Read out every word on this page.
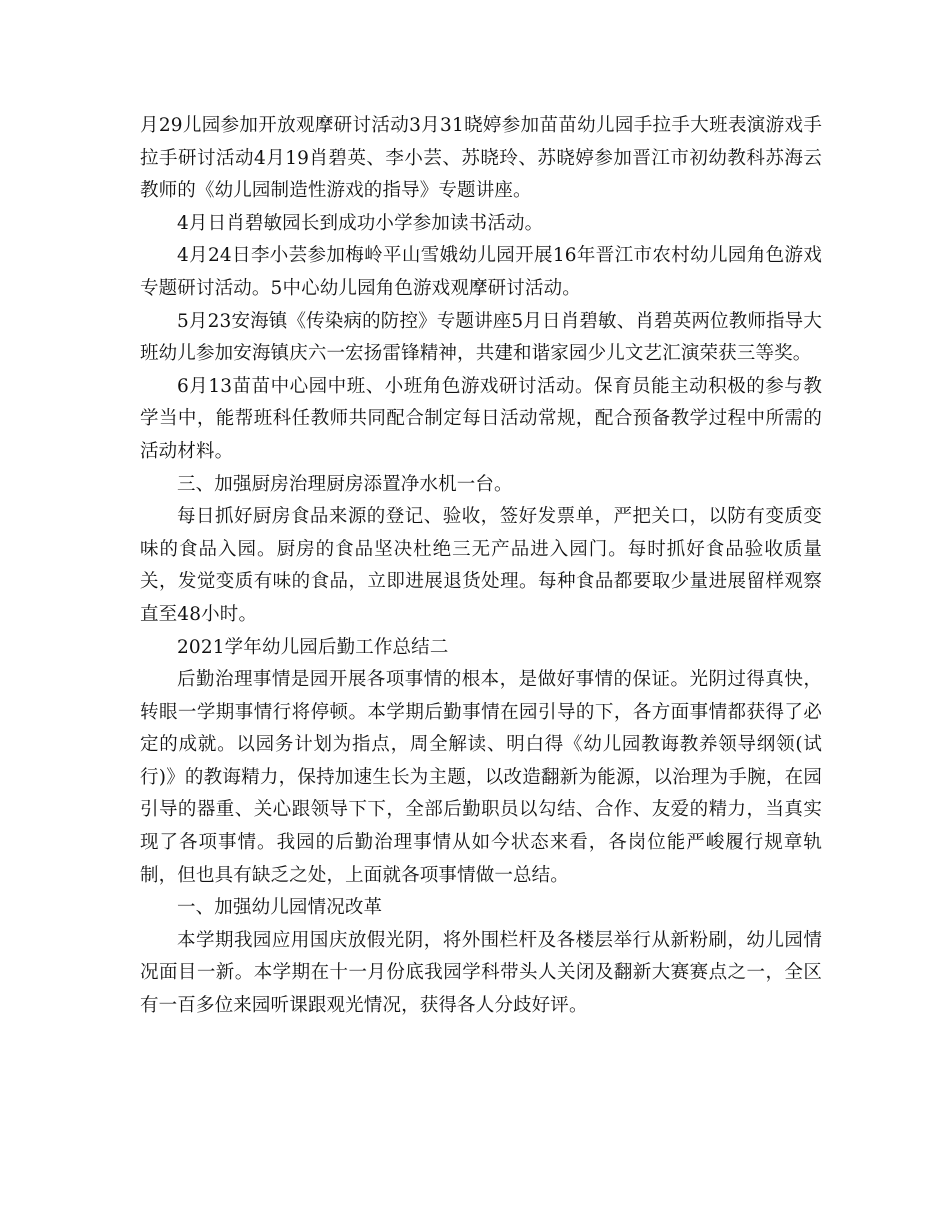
月29儿园参加开放观摩研讨活动3月31晓婷参加苗苗幼儿园手拉手大班表演游戏手拉手研讨活动4月19肖碧英、李小芸、苏晓玲、苏晓婷参加晋江市初幼教科苏海云教师的《幼儿园制造性游戏的指导》专题讲座。

4月日肖碧敏园长到成功小学参加读书活动。

4月24日李小芸参加梅岭平山雪娥幼儿园开展16年晋江市农村幼儿园角色游戏专题研讨活动。5中心幼儿园角色游戏观摩研讨活动。

5月23安海镇《传染病的防控》专题讲座5月日肖碧敏、肖碧英两位教师指导大班幼儿参加安海镇庆六一宏扬雷锋精神，共建和谐家园少儿文艺汇演荣获三等奖。

6月13苗苗中心园中班、小班角色游戏研讨活动。保育员能主动积极的参与教学当中，能帮班科任教师共同配合制定每日活动常规，配合预备教学过程中所需的活动材料。

三、加强厨房治理厨房添置净水机一台。

每日抓好厨房食品来源的登记、验收，签好发票单，严把关口，以防有变质变味的食品入园。厨房的食品坚决杜绝三无产品进入园门。每时抓好食品验收质量关，发觉变质有味的食品，立即进展退货处理。每种食品都要取少量进展留样观察直至48小时。

2021学年幼儿园后勤工作总结二

后勤治理事情是园开展各项事情的根本，是做好事情的保证。光阴过得真快，转眼一学期事情行将停顿。本学期后勤事情在园引导的下，各方面事情都获得了必定的成就。以园务计划为指点，周全解读、明白得《幼儿园教诲教养领导纲领(试行)》的教诲精力，保持加速生长为主题，以改造翻新为能源，以治理为手腕，在园引导的器重、关心跟领导下下，全部后勤职员以勾结、合作、友爱的精力，当真实现了各项事情。我园的后勤治理事情从如今状态来看，各岗位能严峻履行规章轨制，但也具有缺乏之处，上面就各项事情做一总结。

一、加强幼儿园情况改革

本学期我园应用国庆放假光阴，将外围栏杆及各楼层举行从新粉刷，幼儿园情况面目一新。本学期在十一月份底我园学科带头人关闭及翻新大赛赛点之一，全区有一百多位来园听课跟观光情况，获得各人分歧好评。
